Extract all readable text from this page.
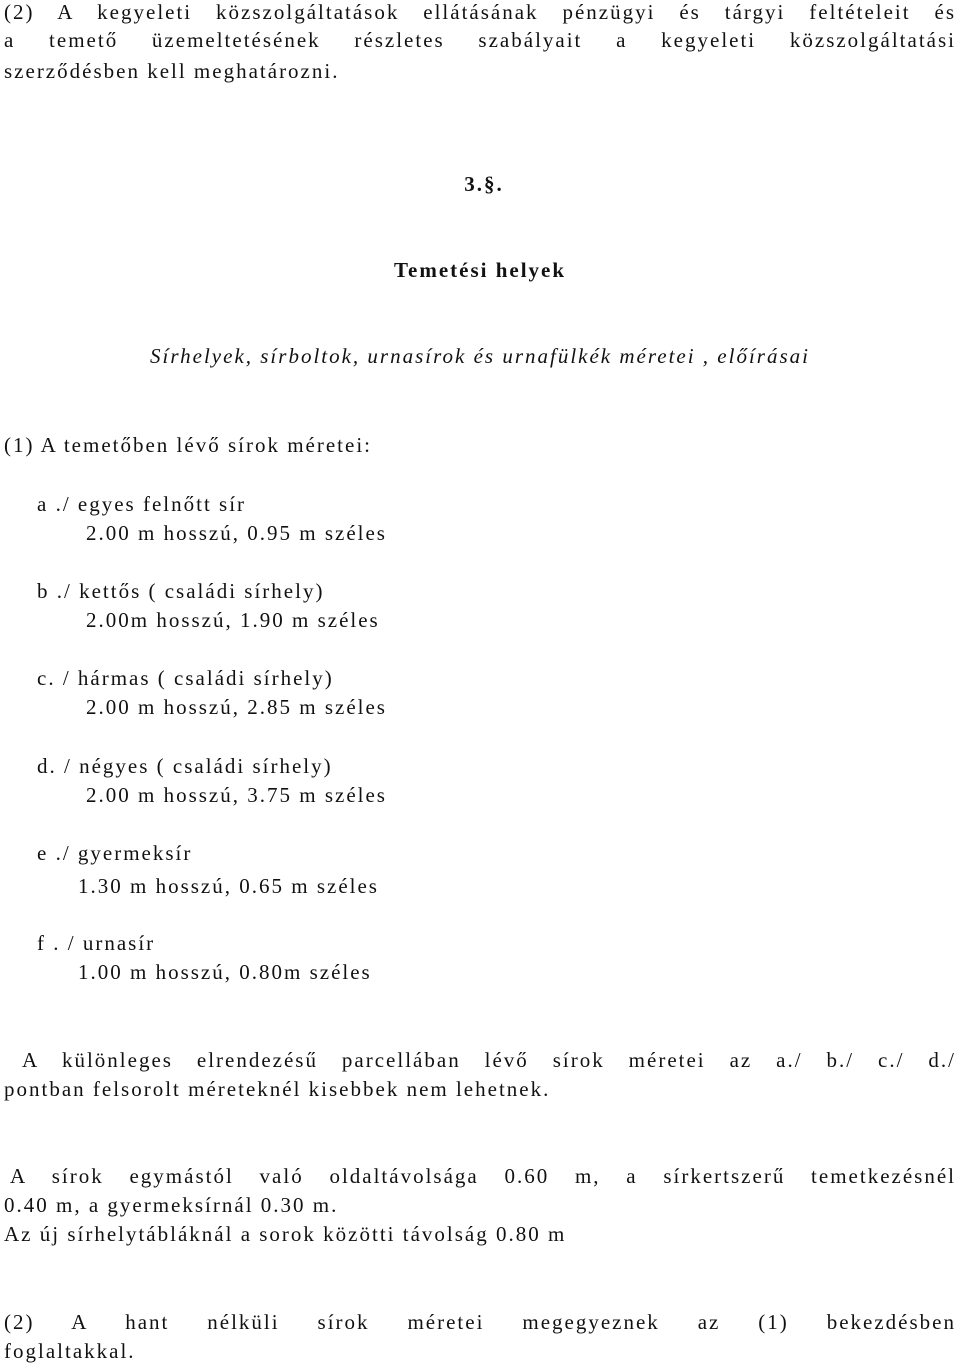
(2) A kegyeleti közszolgáltatások ellátásának pénzügyi és tárgyi feltételeit és
a temető üzemeltetésének részletes szabályait a kegyeleti közszolgáltatási
szerződésben kell meghatározni.
3.§.
Temetési helyek
Sírhelyek, sírboltok, urnasírok és urnafülkék méretei , előírásai
(1) A temetőben lévő sírok méretei:
a ./ egyes felnőtt sír
2.00 m hosszú, 0.95 m széles
b ./ kettős ( családi sírhely)
2.00m hosszú, 1.90 m széles
c. / hármas ( családi sírhely)
2.00 m hosszú, 2.85 m széles
d. / négyes ( családi sírhely)
2.00 m hosszú, 3.75 m széles
e ./ gyermeksír
1.30 m hosszú, 0.65 m széles
f . / urnasír
1.00 m hosszú, 0.80m széles
A különleges elrendezésű parcellában lévő sírok méretei az a./ b./ c./ d./
pontban felsorolt méreteknél kisebbek nem lehetnek.
A sírok egymástól való oldaltávolsága 0.60 m, a sírkertszerű temetkezésnél
0.40 m, a gyermeksírnál 0.30 m.
Az új sírhelytábláknál a sorok közötti távolság 0.80 m
(2) A hant nélküli sírok méretei megegyeznek az (1) bekezdésben
foglaltakkal.
